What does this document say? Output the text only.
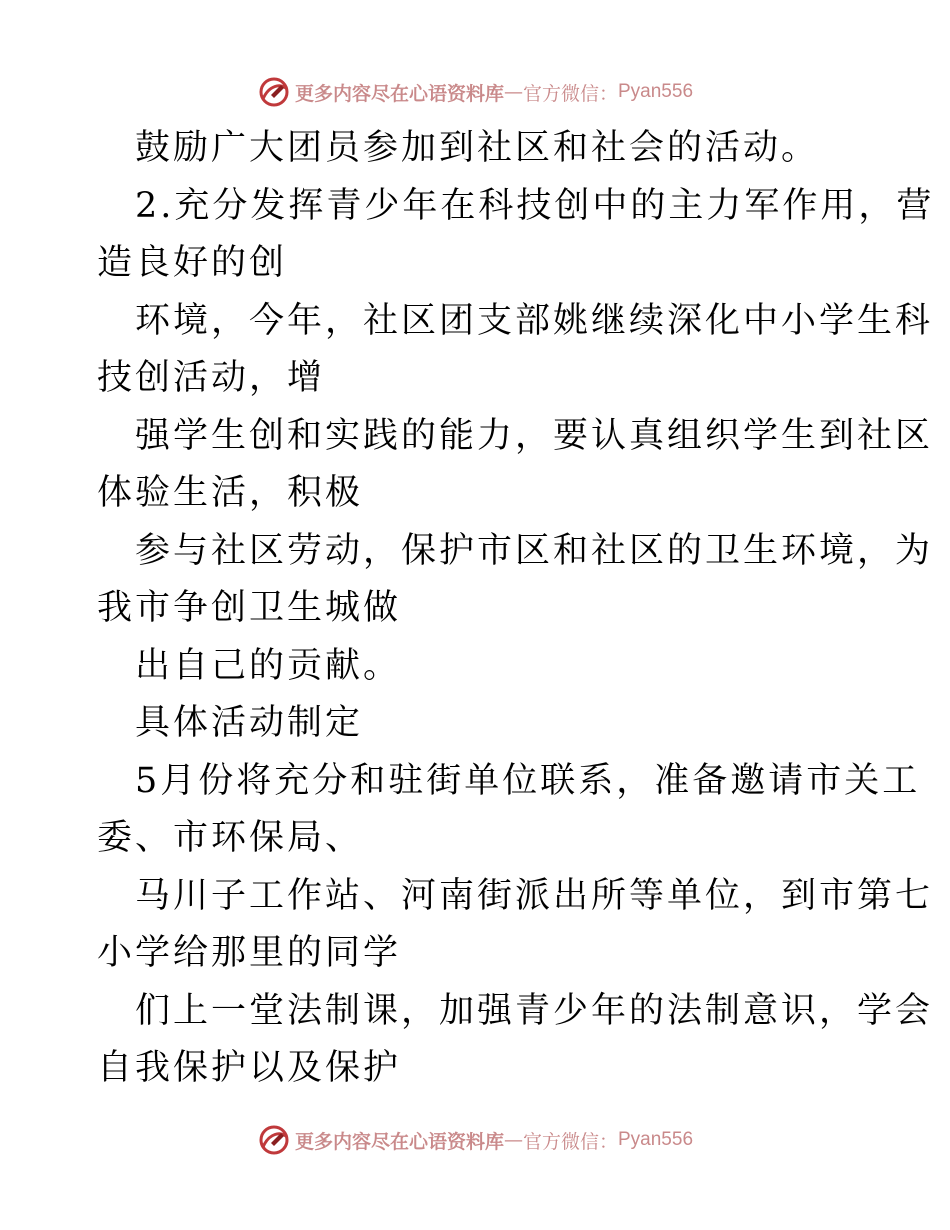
更多内容尽在心语资料库 — 官方微信： Pyan556
鼓励广大团员参加到社区和社会的活动。
2.充分发挥青少年在科技创中的主力军作用，营
造良好的创
环境，今年，社区团支部姚继续深化中小学生科
技创活动，增
强学生创和实践的能力，要认真组织学生到社区
体验生活，积极
参与社区劳动，保护市区和社区的卫生环境，为
我市争创卫生城做
出自己的贡献。
具体活动制定
5月份将充分和驻街单位联系，准备邀请市关工
委、市环保局、
马川子工作站、河南街派出所等单位，到市第七
小学给那里的同学
们上一堂法制课，加强青少年的法制意识，学会
自我保护以及保护
更多内容尽在心语资料库 — 官方微信： Pyan556
